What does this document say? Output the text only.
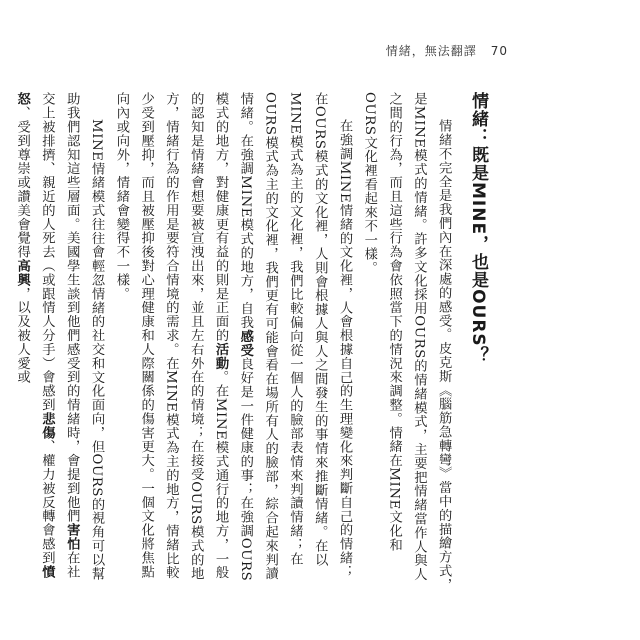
情緒，無法翻譯 70
情緒：既是MINE，也是OURS？

情緒不完全是我們內在深處的感受。皮克斯《腦筋急轉彎》當中的描繪方式，是MINE模式的情緒。許多文化採用OURS的情緒模式，主要把情緒當作人與人之間的行為，而且這些行為會依照當下的情況來調整。情緒在MINE文化和OURS文化裡看起來不一樣。

在強調MINE情緒的文化裡，人會根據自己的生理變化來判斷自己的情緒；在OURS模式的文化裡，人則會根據人與人之間發生的事情來推斷情緒。在以MINE模式為主的文化裡，我們比較偏向從一個人的臉部表情來判讀情緒；在OURS模式為主的文化裡，我們更有可能會看在場所有人的臉部，綜合起來判讀情緒。在強調MINE模式的地方，自我感受良好是一件健康的事；在強調OURS模式的地方，對健康更有益的則是正面的活動。在MINE模式通行的地方，一般的認知是情緒會想要被宣洩出來，並且左右外在的情境；在接受OURS模式的地方，情緒行為的作用是要符合情境的需求。在MINE模式為主的地方，情緒比較少受到壓抑，而且被壓抑後對心理健康和人際關係的傷害更大。一個文化將焦點向內或向外，情緒會變得不一樣。

MINE情緒模式往往會輕忽情緒的社交和文化面向，但OURS的視角可以幫助我們認知這些層面。美國學生談到他們感受到的情緒時，會提到他們害怕在社交上被排擠、親近的人死去（或跟情人分手）會感到悲傷、權力被反轉會感到憤怒、受到尊崇或讚美會覺得高興，以及被人愛或
